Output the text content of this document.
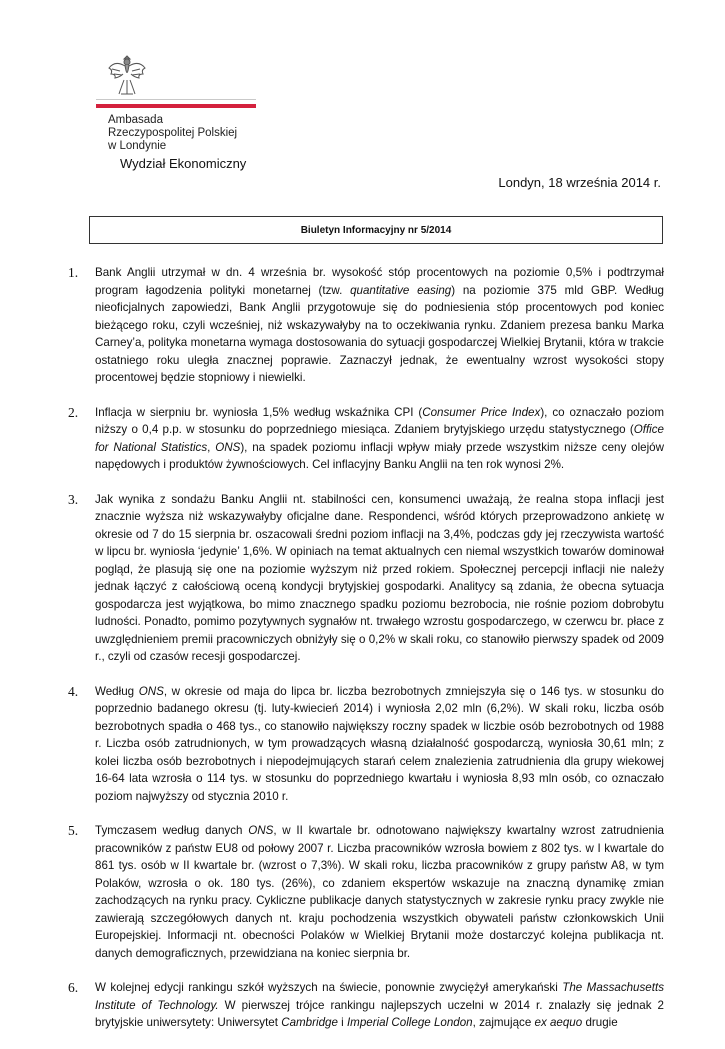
Ambasada
Rzeczypospolitej Polskiej
w Londynie
Wydział Ekonomiczny
Londyn, 18 września 2014 r.
Biuletyn Informacyjny nr 5/2014
1. Bank Anglii utrzymał w dn. 4 września br. wysokość stóp procentowych na poziomie 0,5% i podtrzymał program łagodzenia polityki monetarnej (tzw. quantitative easing) na poziomie 375 mld GBP. Według nieoficjalnych zapowiedzi, Bank Anglii przygotowuje się do podniesienia stóp procentowych pod koniec bieżącego roku, czyli wcześniej, niż wskazywałyby na to oczekiwania rynku. Zdaniem prezesa banku Marka Carney’a, polityka monetarna wymaga dostosowania do sytuacji gospodarczej Wielkiej Brytanii, która w trakcie ostatniego roku uległa znacznej poprawie. Zaznaczył jednak, że ewentualny wzrost wysokości stopy procentowej będzie stopniowy i niewielki.
2. Inflacja w sierpniu br. wyniosła 1,5% według wskaźnika CPI (Consumer Price Index), co oznaczało poziom niższy o 0,4 p.p. w stosunku do poprzedniego miesiąca. Zdaniem brytyjskiego urzędu statystycznego (Office for National Statistics, ONS), na spadek poziomu inflacji wpływ miały przede wszystkim niższe ceny olejów napędowych i produktów żywnościowych. Cel inflacyjny Banku Anglii na ten rok wynosi 2%.
3. Jak wynika z sondażu Banku Anglii nt. stabilności cen, konsumenci uważają, że realna stopa inflacji jest znacznie wyższa niż wskazywałyby oficjalne dane. Respondenci, wśród których przeprowadzono ankietę w okresie od 7 do 15 sierpnia br. oszacowali średni poziom inflacji na 3,4%, podczas gdy jej rzeczywista wartość w lipcu br. wyniosła ‘jedynie’ 1,6%. W opiniach na temat aktualnych cen niemal wszystkich towarów dominował pogląd, że plasują się one na poziomie wyższym niż przed rokiem. Społecznej percepcji inflacji nie należy jednak łączyć z całościową oceną kondycji brytyjskiej gospodarki. Analitycy są zdania, że obecna sytuacja gospodarcza jest wyjątkowa, bo mimo znacznego spadku poziomu bezrobocia, nie rośnie poziom dobrobytu ludności. Ponadto, pomimo pozytywnych sygnałów nt. trwałego wzrostu gospodarczego, w czerwcu br. płace z uwzględnieniem premii pracowniczych obniżyły się o 0,2% w skali roku, co stanowiło pierwszy spadek od 2009 r., czyli od czasów recesji gospodarczej.
4. Według ONS, w okresie od maja do lipca br. liczba bezrobotnych zmniejszyła się o 146 tys. w stosunku do poprzednio badanego okresu (tj. luty-kwiecień 2014) i wyniosła 2,02 mln (6,2%). W skali roku, liczba osób bezrobotnych spadła o 468 tys., co stanowiło największy roczny spadek w liczbie osób bezrobotnych od 1988 r. Liczba osób zatrudnionych, w tym prowadzących własną działalność gospodarczą, wyniosła 30,61 mln; z kolei liczba osób bezrobotnych i niepodejmujących starań celem znalezienia zatrudnienia dla grupy wiekowej 16-64 lata wzrosła o 114 tys. w stosunku do poprzedniego kwartału i wyniosła 8,93 mln osób, co oznaczało poziom najwyższy od stycznia 2010 r.
5. Tymczasem według danych ONS, w II kwartale br. odnotowano największy kwartalny wzrost zatrudnienia pracowników z państw EU8 od połowy 2007 r. Liczba pracowników wzrosła bowiem z 802 tys. w I kwartale do 861 tys. osób w II kwartale br. (wzrost o 7,3%). W skali roku, liczba pracowników z grupy państw A8, w tym Polaków, wzrosła o ok. 180 tys. (26%), co zdaniem ekspertów wskazuje na znaczną dynamikę zmian zachodzących na rynku pracy. Cykliczne publikacje danych statystycznych w zakresie rynku pracy zwykle nie zawierają szczegółowych danych nt. kraju pochodzenia wszystkich obywateli państw członkowskich Unii Europejskiej. Informacji nt. obecności Polaków w Wielkiej Brytanii może dostarczyć kolejna publikacja nt. danych demograficznych, przewidziana na koniec sierpnia br.
6. W kolejnej edycji rankingu szkół wyższych na świecie, ponownie zwyciężył amerykański The Massachusetts Institute of Technology. W pierwszej trójce rankingu najlepszych uczelni w 2014 r. znalazły się jednak 2 brytyjskie uniwersytety: Uniwersytet Cambridge i Imperial College London, zajmujące ex aequo drugie
